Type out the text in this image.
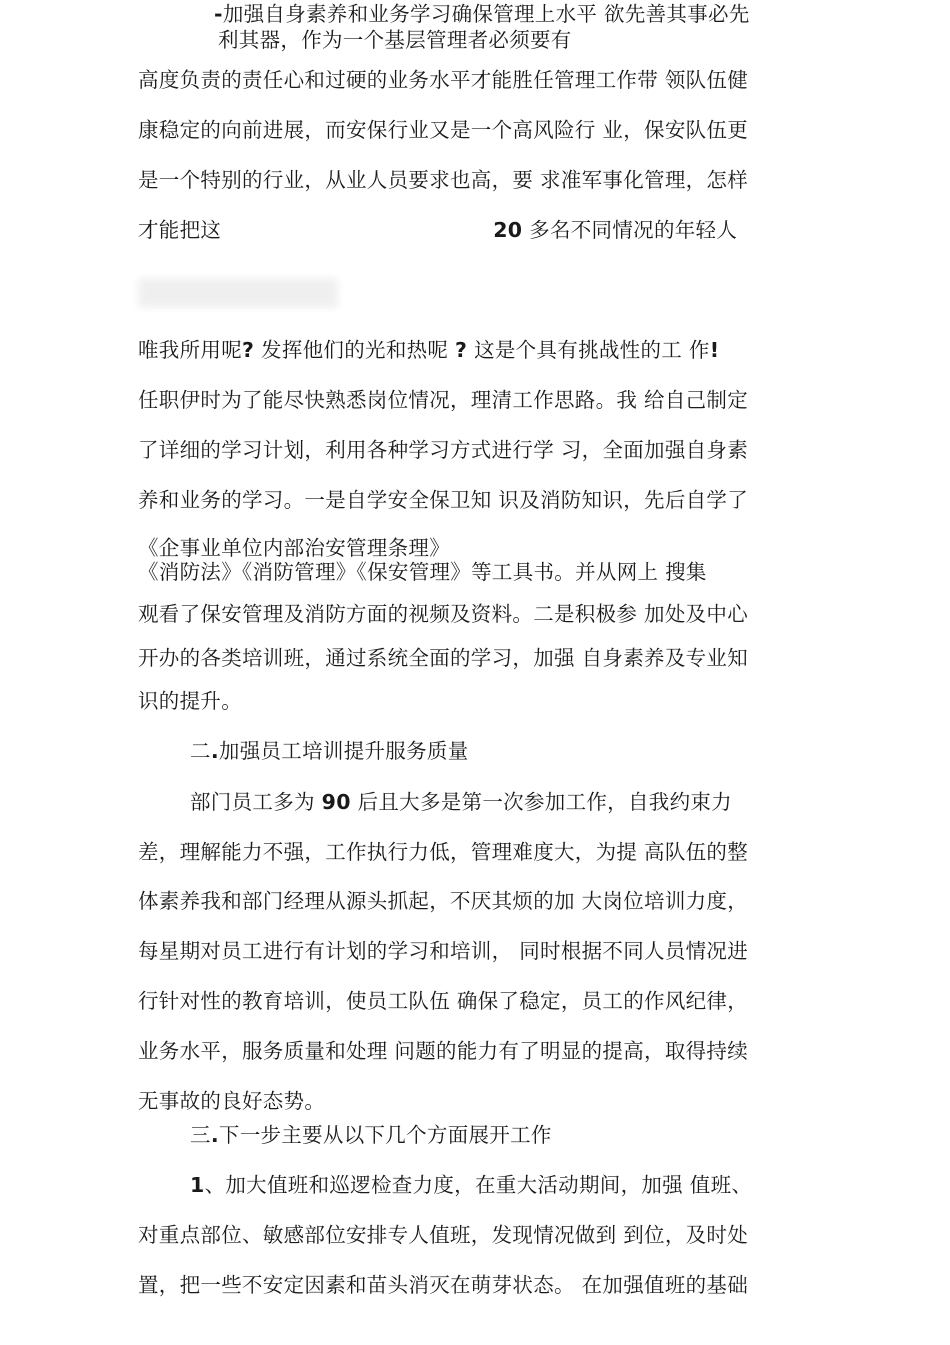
-加强自身素养和业务学习确保管理上水平 欲先善其事必先

利其器，作为一个基层管理者必须要有

高度负责的责任心和过硬的业务水平才能胜任管理工作带 领队伍健

康稳定的向前进展，而安保行业又是一个高风险行 业，保安队伍更

是一个特别的行业，从业人员要求也高，要 求准军事化管理，怎样

才能把这	20 多名不同情况的年轻人

唯我所用呢? 发挥他们的光和热呢 ? 这是个具有挑战性的工 作!

任职伊时为了能尽快熟悉岗位情况，理清工作思路。我 给自己制定

了详细的学习计划，利用各种学习方式进行学 习，全面加强自身素

养和业务的学习。一是自学安全保卫知 识及消防知识，先后自学了

《企事业单位内部治安管理条理》

《消防法》《消防管理》《保安管理》等工具书。并从网上 搜集

观看了保安管理及消防方面的视频及资料。二是积极参 加处及中心

开办的各类培训班，通过系统全面的学习，加强 自身素养及专业知

识的提升。

二.加强员工培训提升服务质量

部门员工多为 90 后且大多是第一次参加工作，自我约束力

差，理解能力不强，工作执行力低，管理难度大，为提 高队伍的整

体素养我和部门经理从源头抓起，不厌其烦的加 大岗位培训力度，

每星期对员工进行有计划的学习和培训， 同时根据不同人员情况进

行针对性的教育培训，使员工队伍 确保了稳定，员工的作风纪律，

业务水平，服务质量和处理 问题的能力有了明显的提高，取得持续

无事故的良好态势。

三.下一步主要从以下几个方面展开工作

1、加大值班和巡逻检查力度，在重大活动期间，加强 值班、

对重点部位、敏感部位安排专人值班，发现情况做到 到位，及时处

置，把一些不安定因素和苗头消灭在萌芽状态。 在加强值班的基础
